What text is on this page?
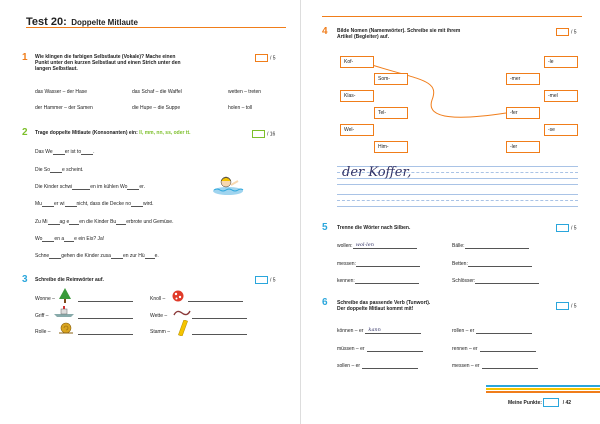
Test 20: Doppelte Mitlaute
1 Wie klingen die farbigen Selbstlaute (Vokale)? Mache einen
Punkt unter den kurzen Selbstlaut und einen Strich unter den
langen Selbstlaut.
/ 5
das Wasser – der Hase	das Schaf – die Waffel	wetten – treten
der Hammer – der Samen	die Hupe – die Suppe	holen – toll
2 Trage doppelte Mitlaute (Konsonanten) ein: ll, mm, nn, ss, oder tt.	/ 16
Das We er ist to .
Die So e scheint.
Die Kinder schwi	en im kühlen Wo er.
Mu er wi nicht, dass die Decke no wird.
Zu Mi ag e en die Kinder Bu erbrote und Gemüse.
Wo en a e ein Eis? Ja!
Schne gehen die Kinder zusa en zur Hü e.
3 Schreibe die Reimwörter auf.	/ 5
Wonne –	Knoll –
Griff –	Wette –
Rolle –	Stamm –
4 Bilde Nomen (Namenwörter). Schreibe sie mit ihrem
Artikel (Begleiter) auf.
/ 5
Kof-
Klas-
Wel-
Som-
Tel-
Him-
-mer
-fer
-ler
-le
-mel
-se
der Koffer,
5 Trenne die Wörter nach Silben.	/ 5
wollen: wol-len	Bälle:
messen:	Betten:
kennen:	Schlösser:
6 Schreibe das passende Verb (Tunwort).
Der doppelte Mitlaut kommt mit!	/ 5
können – er kann	rollen – er
müssen – er	rennen – er
sollen – er	messen – er
Meine Punkte:	/ 42
